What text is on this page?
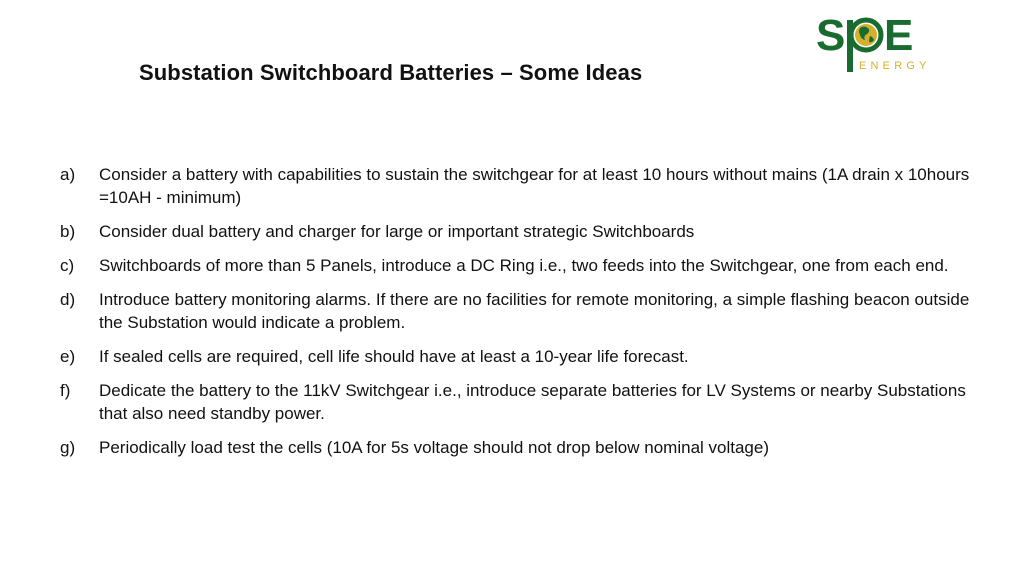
Substation Switchboard Batteries – Some Ideas
S E
ENERGY
a)	Consider a battery with capabilities to sustain the switchgear for at least 10 hours without mains (1A drain x 10hours =10AH - minimum)
b)	Consider dual battery and charger for large or important strategic Switchboards
c)	Switchboards of more than 5 Panels, introduce a DC Ring i.e., two feeds into the Switchgear, one from each end.
d)	Introduce battery monitoring alarms. If there are no facilities for remote monitoring, a simple flashing beacon outside the Substation would indicate a problem.
e)	If sealed cells are required, cell life should have at least a 10-year life forecast.
f)	Dedicate the battery to the 11kV Switchgear i.e., introduce separate batteries for LV Systems or nearby Substations that also need standby power.
g)	Periodically load test the cells (10A for 5s voltage should not drop below nominal voltage)
